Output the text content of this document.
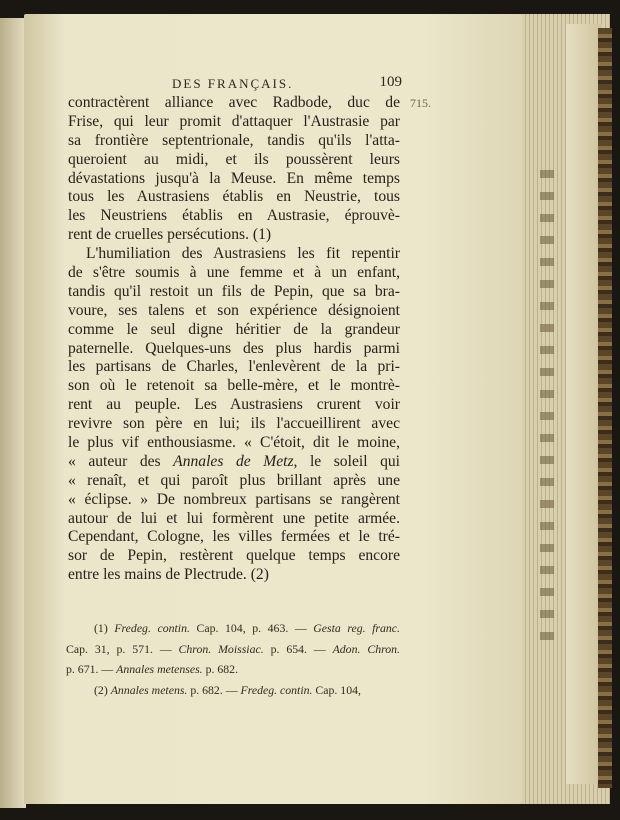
DES FRANÇAIS.	109
715.
contractèrent alliance avec Radbode, duc de
Frise, qui leur promit d'attaquer l'Austrasie par
sa frontière septentrionale, tandis qu'ils l'atta-
queroient au midi, et ils poussèrent leurs
dévastations jusqu'à la Meuse. En même temps
tous les Austrasiens établis en Neustrie, tous
les Neustriens établis en Austrasie, éprouvè-
rent de cruelles persécutions. (1)
L'humiliation des Austrasiens les fit repentir
de s'être soumis à une femme et à un enfant,
tandis qu'il restoit un fils de Pepin, que sa bra-
voure, ses talens et son expérience désignoient
comme le seul digne héritier de la grandeur
paternelle. Quelques-uns des plus hardis parmi
les partisans de Charles, l'enlevèrent de la pri-
son où le retenoit sa belle-mère, et le montrè-
rent au peuple. Les Austrasiens crurent voir
revivre son père en lui; ils l'accueillirent avec
le plus vif enthousiasme. « C'étoit, dit le moine,
« auteur des Annales de Metz, le soleil qui
« renaît, et qui paroît plus brillant après une
« éclipse. » De nombreux partisans se rangèrent
autour de lui et lui formèrent une petite armée.
Cependant, Cologne, les villes fermées et le tré-
sor de Pepin, restèrent quelque temps encore
entre les mains de Plectrude. (2)
(1) Fredeg. contin. Cap. 104, p. 463. — Gesta reg. franc.
Cap. 31, p. 571. — Chron. Moissiac. p. 654. — Adon. Chron.
p. 671. — Annales metenses. p. 682.
(2) Annales metens. p. 682. — Fredeg. contin. Cap. 104,
